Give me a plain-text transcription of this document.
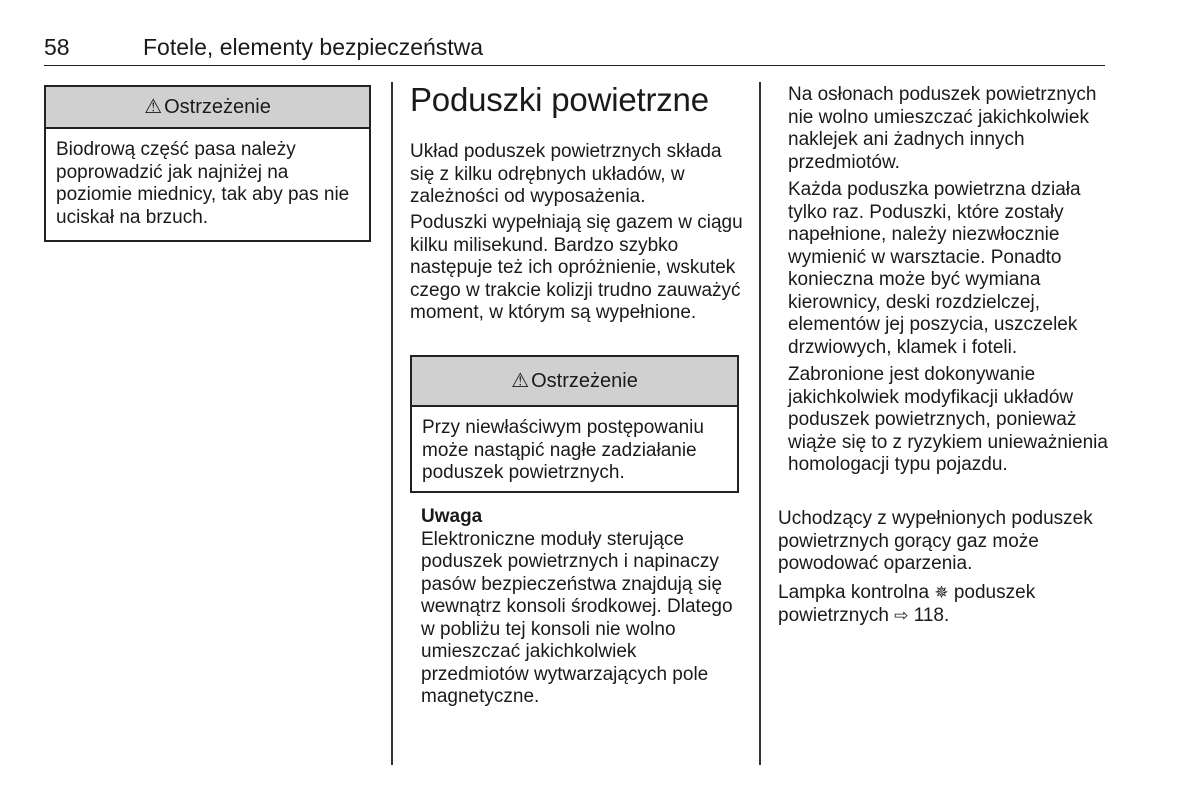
58	Fotele, elementy bezpieczeństwa
⚠ Ostrzeżenie
Biodrową część pasa należy poprowadzić jak najniżej na poziomie miednicy, tak aby pas nie uciskał na brzuch.
Poduszki powietrzne

Układ poduszek powietrznych składa się z kilku odrębnych układów, w zależności od wyposażenia.

Poduszki wypełniają się gazem w ciągu kilku milisekund. Bardzo szybko następuje też ich opróżnienie, wskutek czego w trakcie kolizji trudno zauważyć moment, w którym są wypełnione.

⚠ Ostrzeżenie
Przy niewłaściwym postępowaniu może nastąpić nagłe zadziałanie poduszek powietrznych.
Uwaga
Elektroniczne moduły sterujące poduszek powietrznych i napinaczy pasów bezpieczeństwa znajdują się wewnątrz konsoli środkowej. Dlatego w pobliżu tej konsoli nie wolno umieszczać jakichkolwiek przedmiotów wytwarzających pole magnetyczne.

Na osłonach poduszek powietrznych nie wolno umieszczać jakichkolwiek naklejek ani żadnych innych przedmiotów.

Każda poduszka powietrzna działa tylko raz. Poduszki, które zostały napełnione, należy niezwłocznie wymienić w warsztacie. Ponadto konieczna może być wymiana kierownicy, deski rozdzielczej, elementów jej poszycia, uszczelek drzwiowych, klamek i foteli.

Zabronione jest dokonywanie jakichkolwiek modyfikacji układów poduszek powietrznych, ponieważ wiąże się to z ryzykiem unieważnienia homologacji typu pojazdu.

Uchodzący z wypełnionych poduszek powietrznych gorący gaz może powodować oparzenia.

Lampka kontrolna ✵ poduszek powietrznych ⇨ 118.
